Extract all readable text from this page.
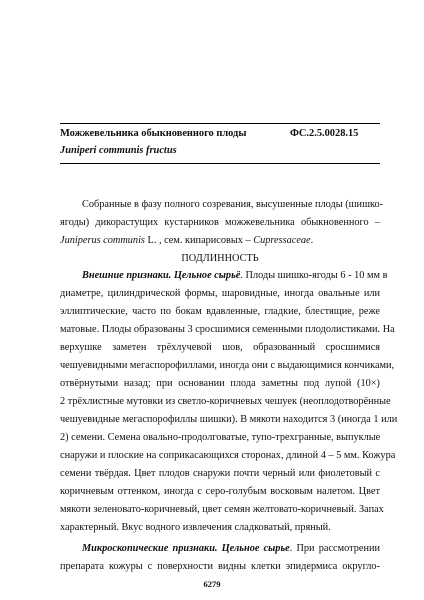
Можжевельника обыкновенного плоды	ФС.2.5.0028.15
Juniperi communis fructus
Собранные в фазу полного созревания, высушенные плоды (шишко-
ягоды) дикорастущих кустарников можжевельника обыкновенного –
Juniperus communis L. , сем. кипарисовых – Cupressaceae.
ПОДЛИННОСТЬ
Внешние признаки. Цельное сырьё. Плоды шишко-ягоды 6 - 10 мм в
диаметре, цилиндрической формы, шаровидные, иногда овальные или
эллиптические, часто по бокам вдавленные, гладкие, блестящие, реже
матовые. Плоды образованы 3 сросшимися семенными плодолистиками. На
верхушке заметен трёхлучевой шов, образованный сросшимися
чешуевидными мегаспорофиллами, иногда они с выдающимися кончиками,
отвёрнутыми назад; при основании плода заметны под лупой (10×)
2 трёхлистные мутовки из светло-коричневых чешуек (неоплодотворённые
чешуевидные мегаспорофиллы шишки). В мякоти находится 3 (иногда 1 или
2) семени. Семена овально-продолговатые, тупо-трехгранные, выпуклые
снаружи и плоские на соприкасающихся сторонах, длиной 4 – 5 мм. Кожура
семени твёрдая. Цвет плодов снаружи почти черный или фиолетовый с
коричневым оттенком, иногда с серо-голубым восковым налетом. Цвет
мякоти зеленовато-коричневый, цвет семян желтовато-коричневый. Запах
характерный. Вкус водного извлечения сладковатый, пряный.
Микроскопические признаки. Цельное сырье. При рассмотрении
препарата кожуры с поверхности видны клетки эпидермиса округло-
6279
